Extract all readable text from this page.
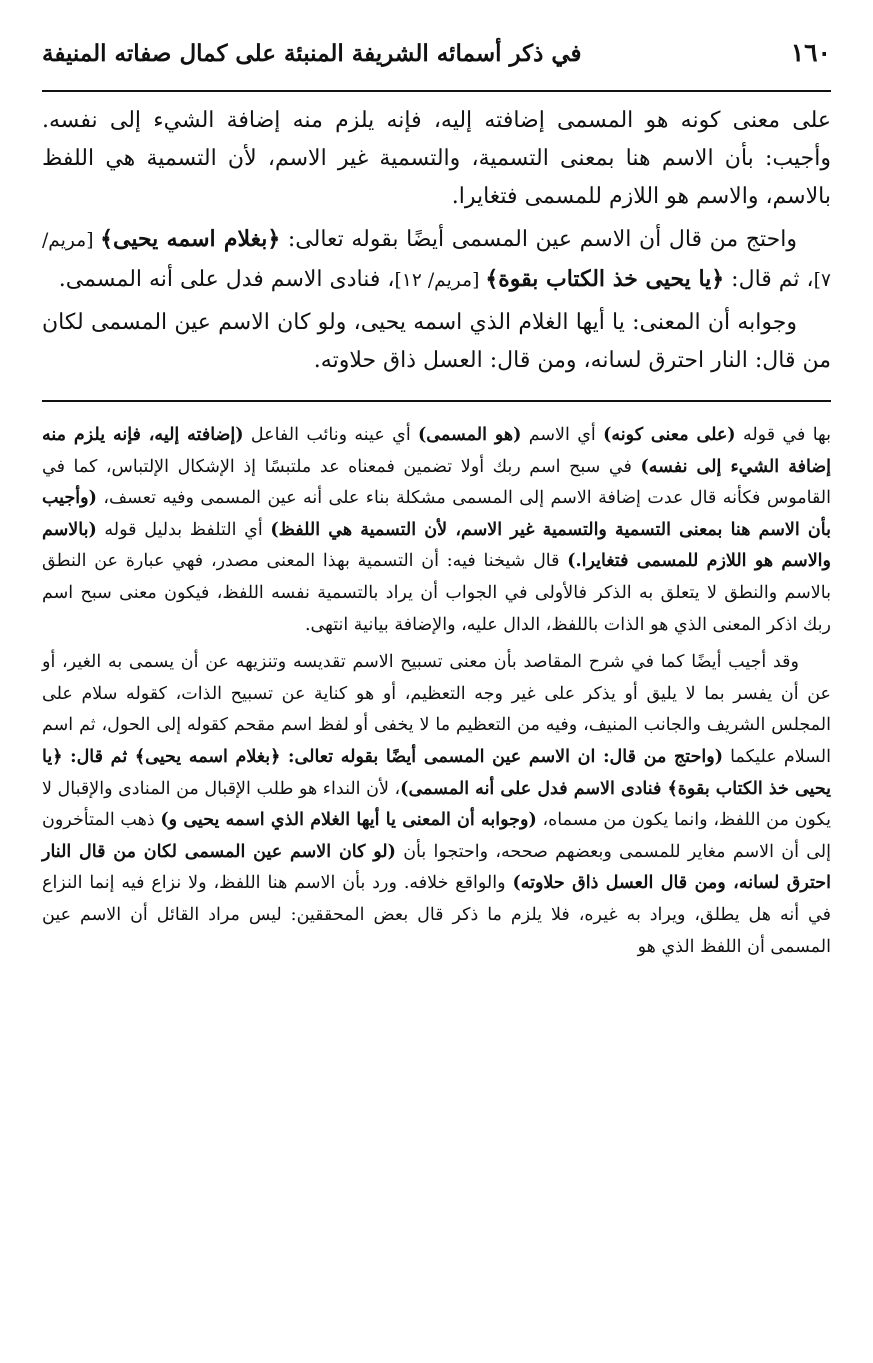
١٦٠
في ذكر أسمائه الشريفة المنبئة على كمال صفاته المنيفة

على معنى كونه هو المسمى إضافته إليه، فإنه يلزم منه إضافة الشيء إلى نفسه. وأجيب: بأن الاسم هنا بمعنى التسمية، والتسمية غير الاسم، لأن التسمية هي اللفظ بالاسم، والاسم هو اللازم للمسمى فتغايرا.

واحتج من قال أن الاسم عين المسمى أيضًا بقوله تعالى: ﴿بغلام اسمه يحيى﴾ [مريم/ ٧]، ثم قال: ﴿يا يحيى خذ الكتاب بقوة﴾ [مريم/ ١٢]، فنادى الاسم فدل على أنه المسمى.

وجوابه أن المعنى: يا أيها الغلام الذي اسمه يحيى، ولو كان الاسم عين المسمى لكان من قال: النار احترق لسانه، ومن قال: العسل ذاق حلاوته.

بها في قوله (على معنى كونه) أي الاسم (هو المسمى) أي عينه ونائب الفاعل (إضافته إليه، فإنه يلزم منه إضافة الشيء إلى نفسه) في سبح اسم ربك أولا تضمين فمعناه عد ملتبسًا إذ الإشكال الإلتباس، كما في القاموس فكأنه قال عدت إضافة الاسم إلى المسمى مشكلة بناء على أنه عين المسمى وفيه تعسف، (وأجيب بأن الاسم هنا بمعنى التسمية والتسمية غير الاسم، لأن التسمية هي اللفظ) أي التلفظ بدليل قوله (بالاسم والاسم هو اللازم للمسمى فتغايرا.) قال شيخنا فيه: أن التسمية بهذا المعنى مصدر، فهي عبارة عن النطق بالاسم والنطق لا يتعلق به الذكر فالأولى في الجواب أن يراد بالتسمية نفسه اللفظ، فيكون معنى سبح اسم ربك اذكر المعنى الذي هو الذات باللفظ، الدال عليه، والإضافة بيانية انتهى.

وقد أجيب أيضًا كما في شرح المقاصد بأن معنى تسبيح الاسم تقديسه وتنزيهه عن أن يسمى به الغير، أو عن أن يفسر بما لا يليق أو يذكر على غير وجه التعظيم، أو هو كناية عن تسبيح الذات، كقوله سلام على المجلس الشريف والجانب المنيف، وفيه من التعظيم ما لا يخفى أو لفظ اسم مقحم كقوله إلى الحول، ثم اسم السلام عليكما (واحتج من قال: ان الاسم عين المسمى أيضًا بقوله تعالى: ﴿بغلام اسمه يحيى﴾ ثم قال: ﴿يا يحيى خذ الكتاب بقوة﴾ فنادى الاسم فدل على أنه المسمى)، لأن النداء هو طلب الإقبال من المنادى والإقبال لا يكون من اللفظ، وانما يكون من مسماه، (وجوابه أن المعنى يا أيها الغلام الذي اسمه يحيى و) ذهب المتأخرون إلى أن الاسم مغاير للمسمى وبعضهم صححه، واحتجوا بأن (لو كان الاسم عين المسمى لكان من قال النار احترق لسانه، ومن قال العسل ذاق حلاوته) والواقع خلافه. ورد بأن الاسم هنا اللفظ، ولا نزاع فيه إنما النزاع في أنه هل يطلق، ويراد به غيره، فلا يلزم ما ذكر قال بعض المحققين: ليس مراد القائل أن الاسم عين المسمى أن اللفظ الذي هو
